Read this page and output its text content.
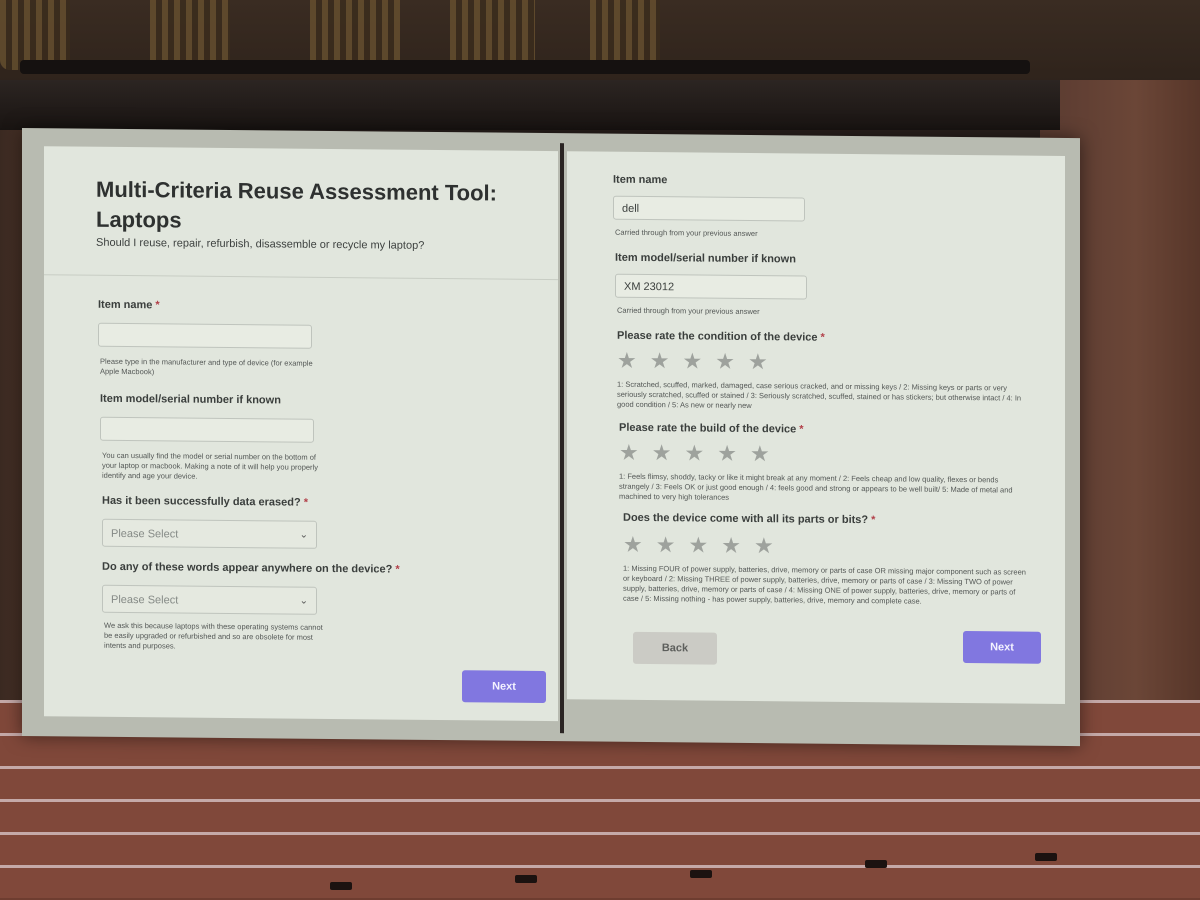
Multi-Criteria Reuse Assessment Tool: Laptops
Should I reuse, repair, refurbish, disassemble or recycle my laptop?
Item name *
Please type in the manufacturer and type of device (for example Apple Macbook)
Item model/serial number if known
You can usually find the model or serial number on the bottom of your laptop or macbook. Making a note of it will help you properly identify and age your device.
Has it been successfully data erased? *
Please Select	⌄
Do any of these words appear anywhere on the device? *
Please Select	⌄
We ask this because laptops with these operating systems cannot be easily upgraded or refurbished and so are obsolete for most intents and purposes.
Next
Item name
dell
Carried through from your previous answer
Item model/serial number if known
XM 23012
Carried through from your previous answer
Please rate the condition of the device *
★ ★ ★ ★ ★
1: Scratched, scuffed, marked, damaged, case serious cracked, and or missing keys / 2: Missing keys or parts or very seriously scratched, scuffed or stained / 3: Seriously scratched, scuffed, stained or has stickers; but otherwise intact / 4: In good condition / 5: As new or nearly new
Please rate the build of the device *
★ ★ ★ ★ ★
1: Feels flimsy, shoddy, tacky or like it might break at any moment / 2: Feels cheap and low quality, flexes or bends strangely / 3: Feels OK or just good enough / 4: feels good and strong or appears to be well built/ 5: Made of metal and machined to very high tolerances
Does the device come with all its parts or bits? *
★ ★ ★ ★ ★
1: Missing FOUR of power supply, batteries, drive, memory or parts of case OR missing major component such as screen or keyboard / 2: Missing THREE of power supply, batteries, drive, memory or parts of case / 3: Missing TWO of power supply, batteries, drive, memory or parts of case / 4: Missing ONE of power supply, batteries, drive, memory or parts of case / 5: Missing nothing - has power supply, batteries, drive, memory and complete case.
Back	Next
